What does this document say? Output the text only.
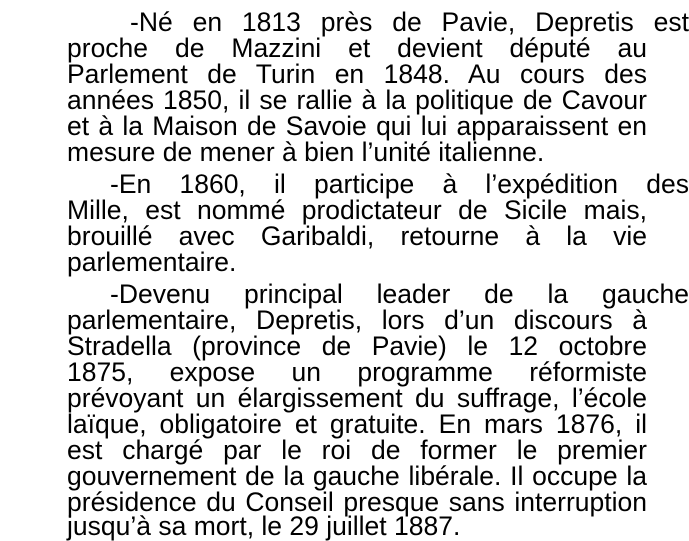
-Né en 1813 près de Pavie, Depretis est
proche de Mazzini et devient député au
Parlement de Turin en 1848. Au cours des
années 1850, il se rallie à la politique de Cavour
et à la Maison de Savoie qui lui apparaissent en
mesure de mener à bien l’unité italienne.
-En 1860, il participe à l’expédition des
Mille, est nommé prodictateur de Sicile mais,
brouillé avec Garibaldi, retourne à la vie
parlementaire.
-Devenu principal leader de la gauche
parlementaire, Depretis, lors d’un discours à
Stradella (province de Pavie) le 12 octobre
1875, expose un programme réformiste
prévoyant un élargissement du suffrage, l’école
laïque, obligatoire et gratuite. En mars 1876, il
est chargé par le roi de former le premier
gouvernement de la gauche libérale. Il occupe la
présidence du Conseil presque sans interruption
jusqu’à sa mort, le 29 juillet 1887.
